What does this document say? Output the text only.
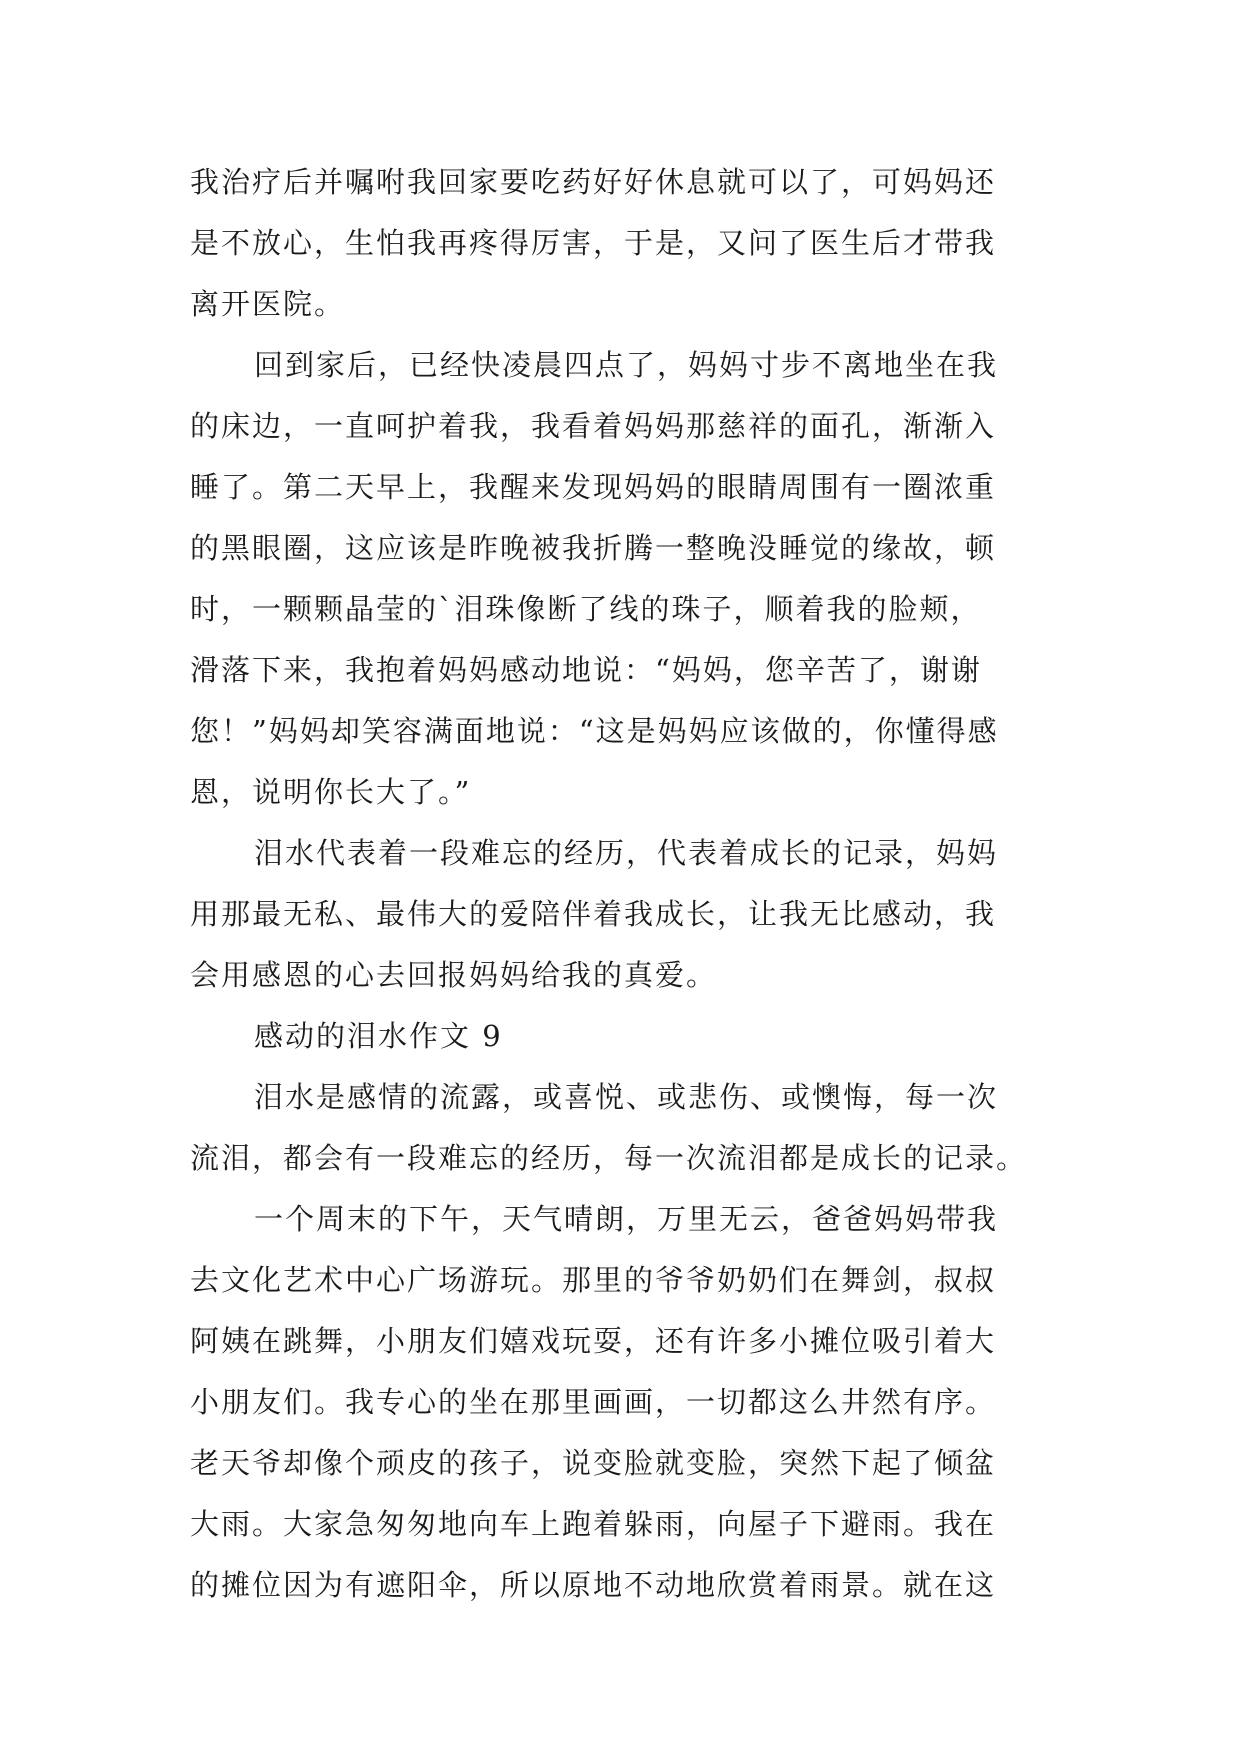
我治疗后并嘱咐我回家要吃药好好休息就可以了，可妈妈还
是不放心，生怕我再疼得厉害，于是，又问了医生后才带我
离开医院。

回到家后，已经快凌晨四点了，妈妈寸步不离地坐在我
的床边，一直呵护着我，我看着妈妈那慈祥的面孔，渐渐入
睡了。第二天早上，我醒来发现妈妈的眼睛周围有一圈浓重
的黑眼圈，这应该是昨晚被我折腾一整晚没睡觉的缘故，顿
时，一颗颗晶莹的`泪珠像断了线的珠子，顺着我的脸颊，
滑落下来，我抱着妈妈感动地说：“妈妈，您辛苦了，谢谢
您！”妈妈却笑容满面地说：“这是妈妈应该做的，你懂得感
恩，说明你长大了。”

泪水代表着一段难忘的经历，代表着成长的记录，妈妈
用那最无私、最伟大的爱陪伴着我成长，让我无比感动，我
会用感恩的心去回报妈妈给我的真爱。

感动的泪水作文 9

泪水是感情的流露，或喜悦、或悲伤、或懊悔，每一次
流泪，都会有一段难忘的经历，每一次流泪都是成长的记录。

一个周末的下午，天气晴朗，万里无云，爸爸妈妈带我
去文化艺术中心广场游玩。那里的爷爷奶奶们在舞剑，叔叔
阿姨在跳舞，小朋友们嬉戏玩耍，还有许多小摊位吸引着大
小朋友们。我专心的坐在那里画画，一切都这么井然有序。
老天爷却像个顽皮的孩子，说变脸就变脸，突然下起了倾盆
大雨。大家急匆匆地向车上跑着躲雨，向屋子下避雨。我在
的摊位因为有遮阳伞，所以原地不动地欣赏着雨景。就在这
